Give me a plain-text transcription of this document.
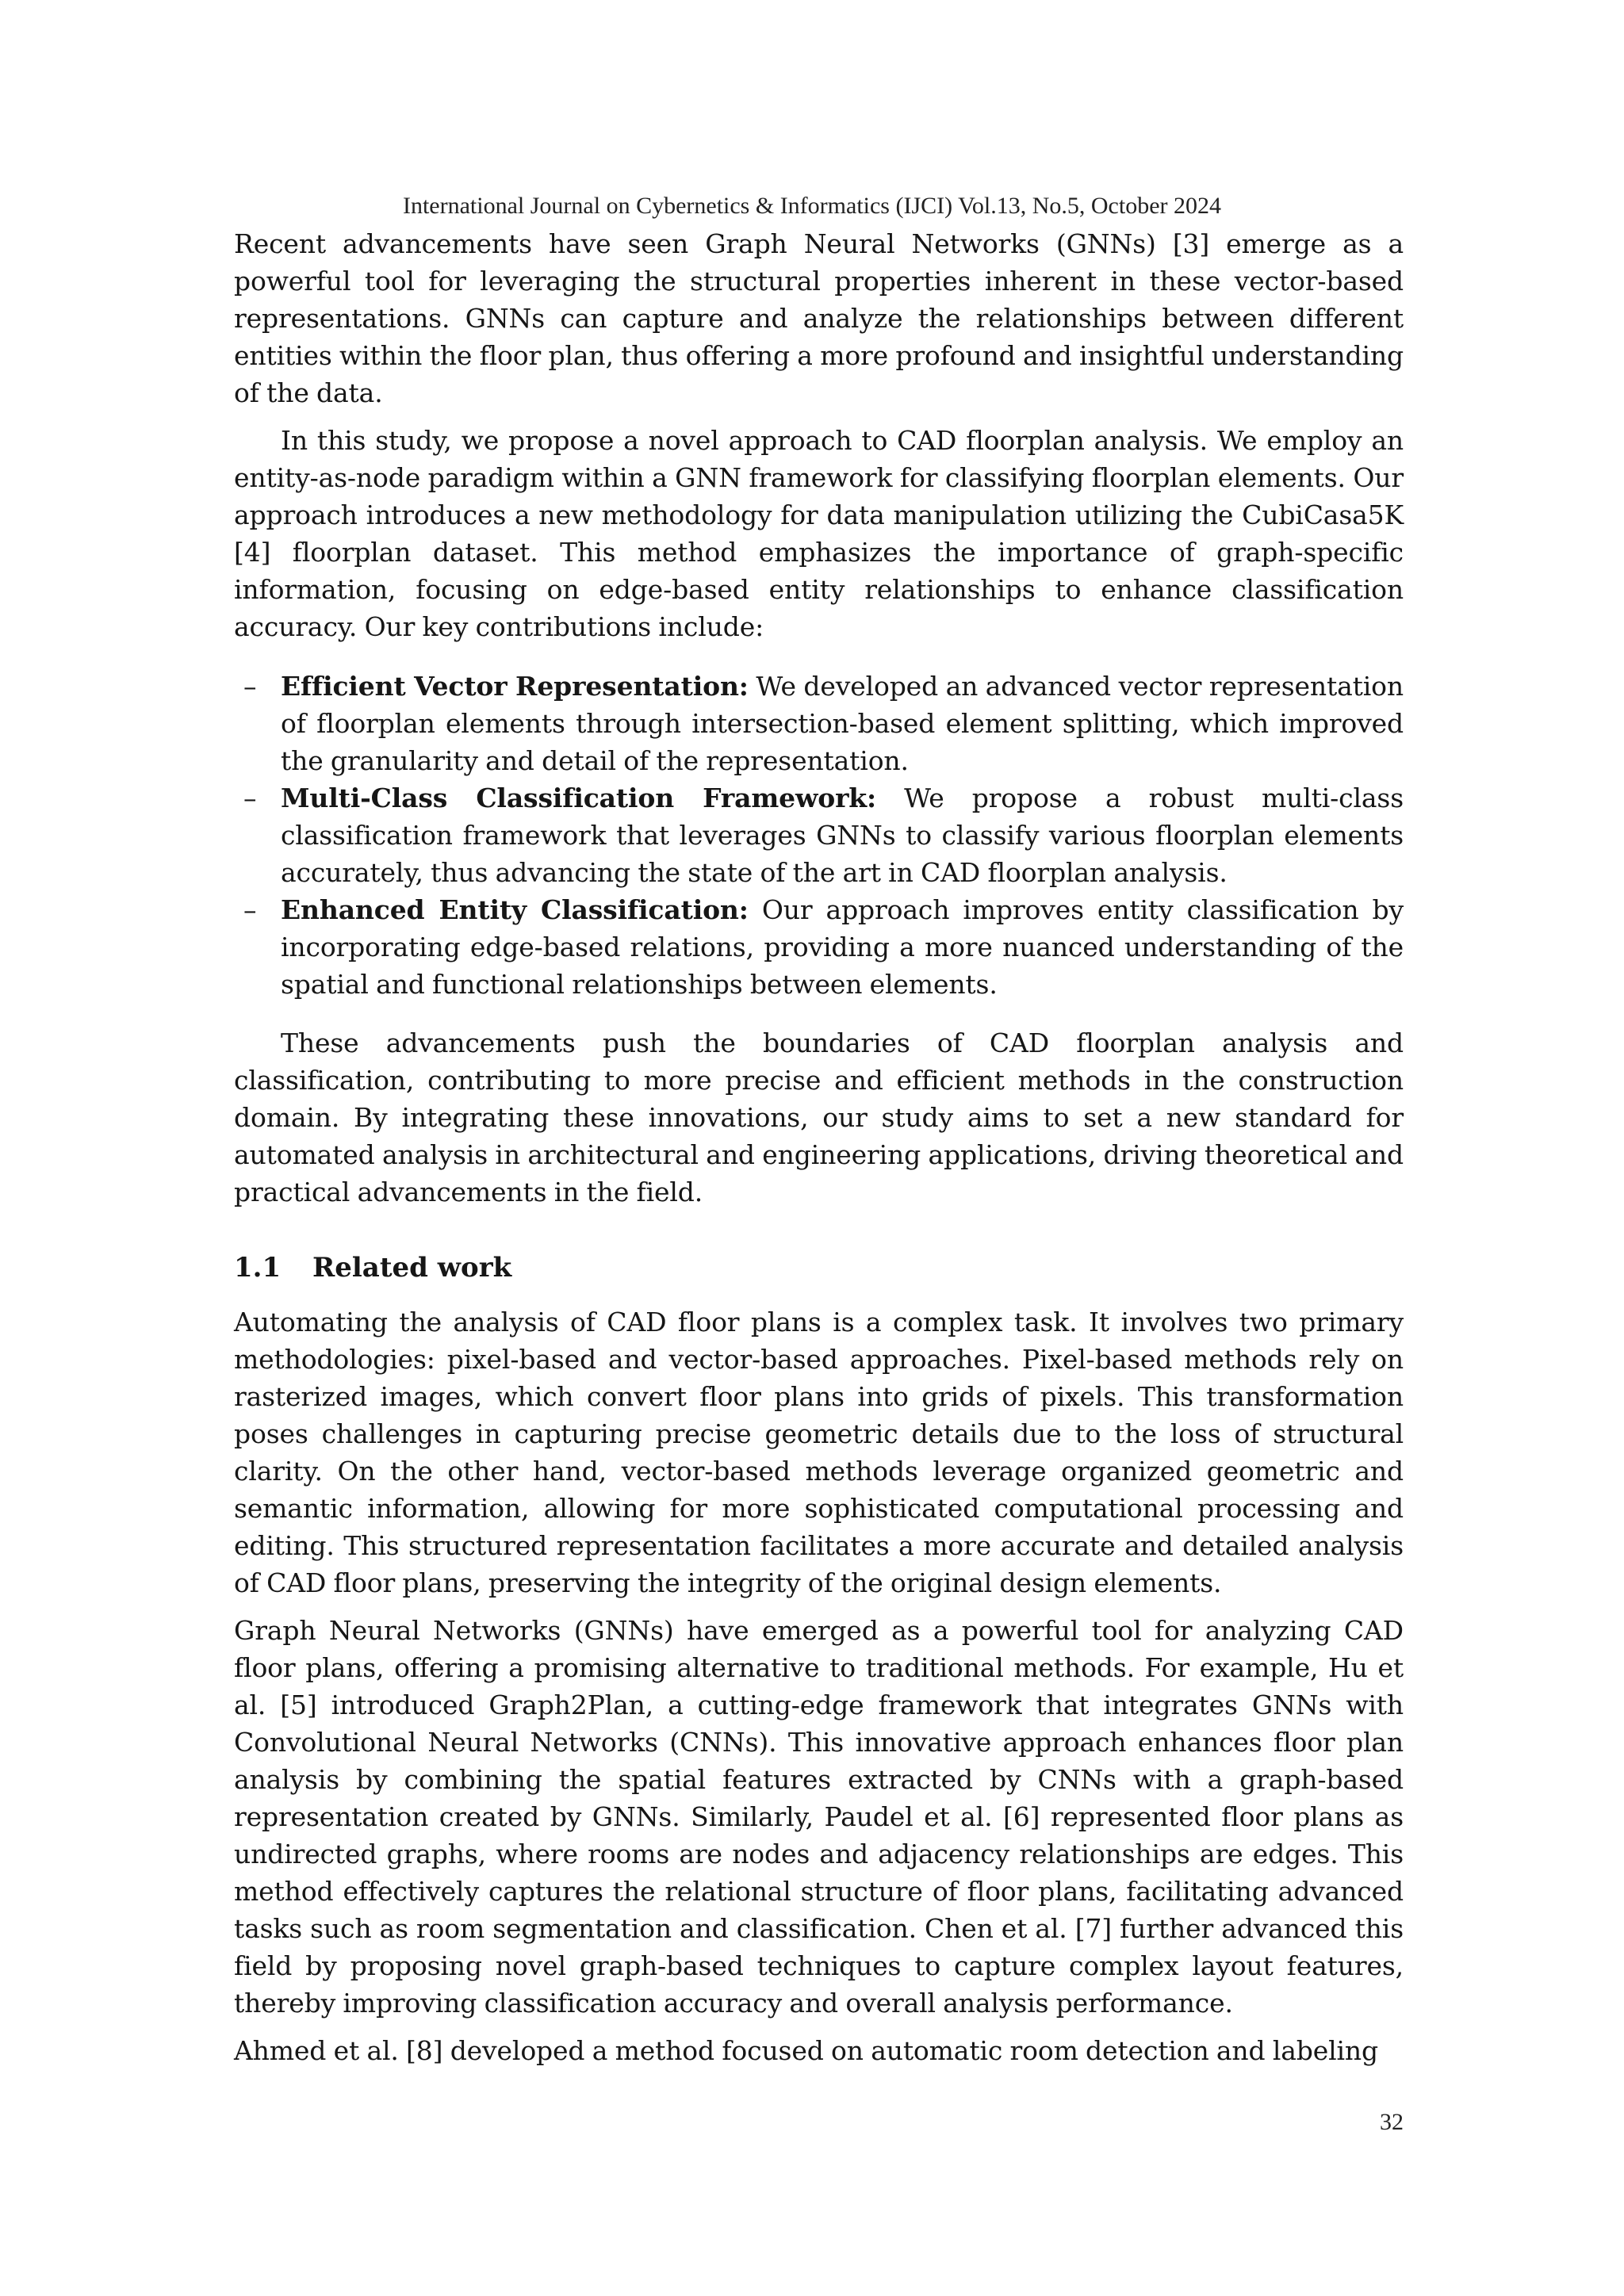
International Journal on Cybernetics & Informatics (IJCI) Vol.13, No.5, October 2024

Recent advancements have seen Graph Neural Networks (GNNs) [3] emerge as a powerful tool for leveraging the structural properties inherent in these vector-based representations. GNNs can capture and analyze the relationships between different entities within the floor plan, thus offering a more profound and insightful understanding of the data.

In this study, we propose a novel approach to CAD floorplan analysis. We employ an entity-as-node paradigm within a GNN framework for classifying floorplan elements. Our approach introduces a new methodology for data manipulation utilizing the CubiCasa5K [4] floorplan dataset. This method emphasizes the importance of graph-specific information, focusing on edge-based entity relationships to enhance classification accuracy. Our key contributions include:

– Efficient Vector Representation: We developed an advanced vector representation of floorplan elements through intersection-based element splitting, which improved the granularity and detail of the representation.
– Multi-Class Classification Framework: We propose a robust multi-class classification framework that leverages GNNs to classify various floorplan elements accurately, thus advancing the state of the art in CAD floorplan analysis.
– Enhanced Entity Classification: Our approach improves entity classification by incorporating edge-based relations, providing a more nuanced understanding of the spatial and functional relationships between elements.

These advancements push the boundaries of CAD floorplan analysis and classification, contributing to more precise and efficient methods in the construction domain. By integrating these innovations, our study aims to set a new standard for automated analysis in architectural and engineering applications, driving theoretical and practical advancements in the field.

1.1 Related work

Automating the analysis of CAD floor plans is a complex task. It involves two primary methodologies: pixel-based and vector-based approaches. Pixel-based methods rely on rasterized images, which convert floor plans into grids of pixels. This transformation poses challenges in capturing precise geometric details due to the loss of structural clarity. On the other hand, vector-based methods leverage organized geometric and semantic information, allowing for more sophisticated computational processing and editing. This structured representation facilitates a more accurate and detailed analysis of CAD floor plans, preserving the integrity of the original design elements.

Graph Neural Networks (GNNs) have emerged as a powerful tool for analyzing CAD floor plans, offering a promising alternative to traditional methods. For example, Hu et al. [5] introduced Graph2Plan, a cutting-edge framework that integrates GNNs with Convolutional Neural Networks (CNNs). This innovative approach enhances floor plan analysis by combining the spatial features extracted by CNNs with a graph-based representation created by GNNs. Similarly, Paudel et al. [6] represented floor plans as undirected graphs, where rooms are nodes and adjacency relationships are edges. This method effectively captures the relational structure of floor plans, facilitating advanced tasks such as room segmentation and classification. Chen et al. [7] further advanced this field by proposing novel graph-based techniques to capture complex layout features, thereby improving classification accuracy and overall analysis performance.

Ahmed et al. [8] developed a method focused on automatic room detection and labeling

32
